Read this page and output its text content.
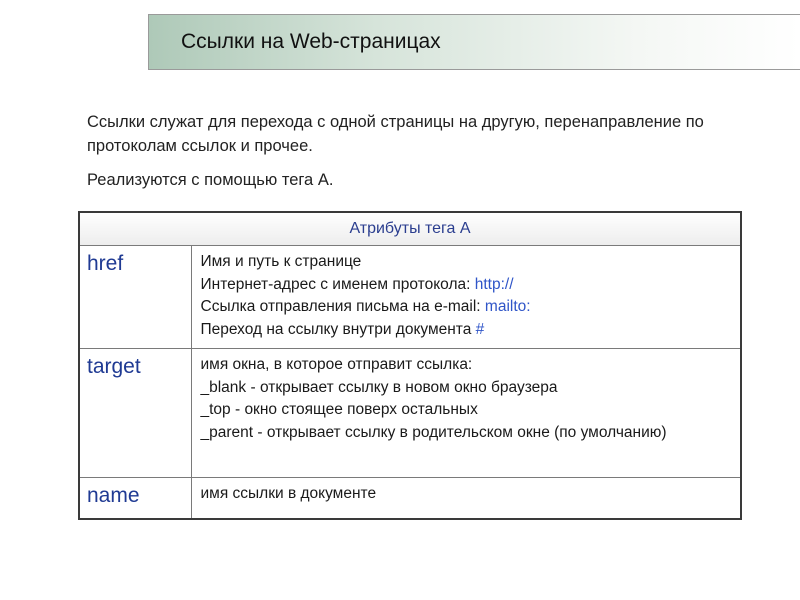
Ссылки на Web-страницах

Ссылки служат для перехода с одной страницы на другую, перенаправление по протоколам ссылок и прочее.

Реализуются с помощью тега A.

Атрибуты тега A	

href	Имя и путь к странице
Интернет-адрес с именем протокола: http://
Ссылка отправления письма на e-mail: mailto:
Переход на ссылку внутри документа #

target	имя окна, в которое отправит ссылка:
_blank - открывает ссылку в новом окно браузера
_top - окно стоящее поверх остальных
_parent - открывает ссылку в родительском окне (по умолчанию)

name	имя ссылки в документе
